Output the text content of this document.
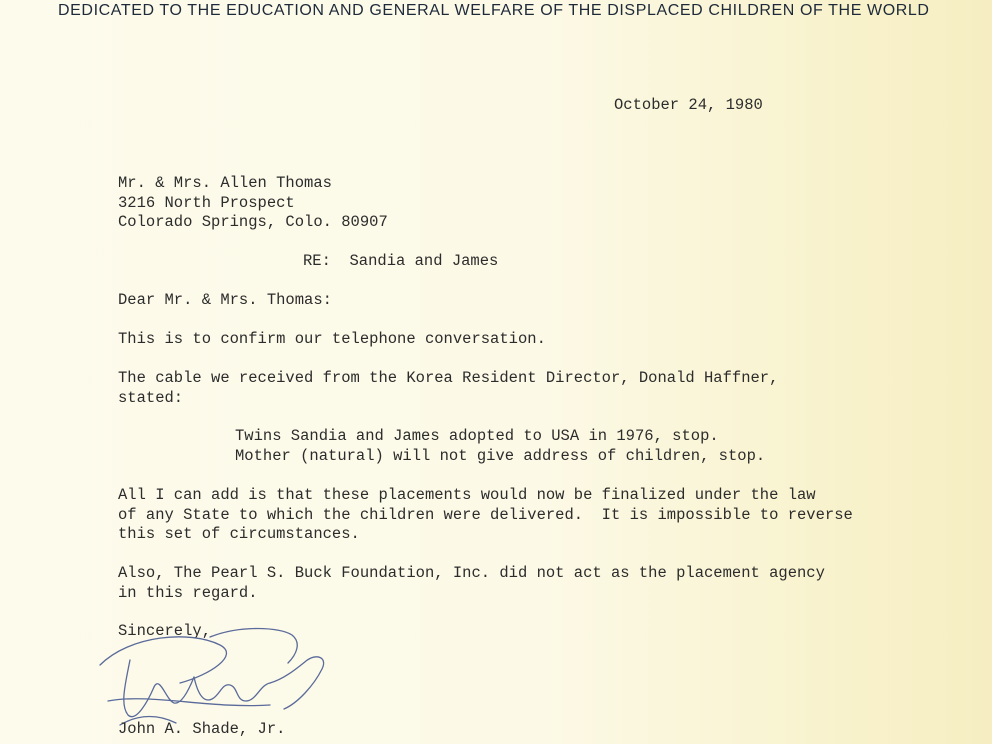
DEDICATED TO THE EDUCATION AND GENERAL WELFARE OF THE DISPLACED CHILDREN OF THE WORLD
October 24, 1980
Mr. & Mrs. Allen Thomas
3216 North Prospect
Colorado Springs, Colo. 80907
RE:  Sandia and James
Dear Mr. & Mrs. Thomas:
This is to confirm our telephone conversation.
The cable we received from the Korea Resident Director, Donald Haffner,
stated:
Twins Sandia and James adopted to USA in 1976, stop.
Mother (natural) will not give address of children, stop.
All I can add is that these placements would now be finalized under the law
of any State to which the children were delivered.  It is impossible to reverse
this set of circumstances.
Also, The Pearl S. Buck Foundation, Inc. did not act as the placement agency
in this regard.
Sincerely,
John A. Shade, Jr.
